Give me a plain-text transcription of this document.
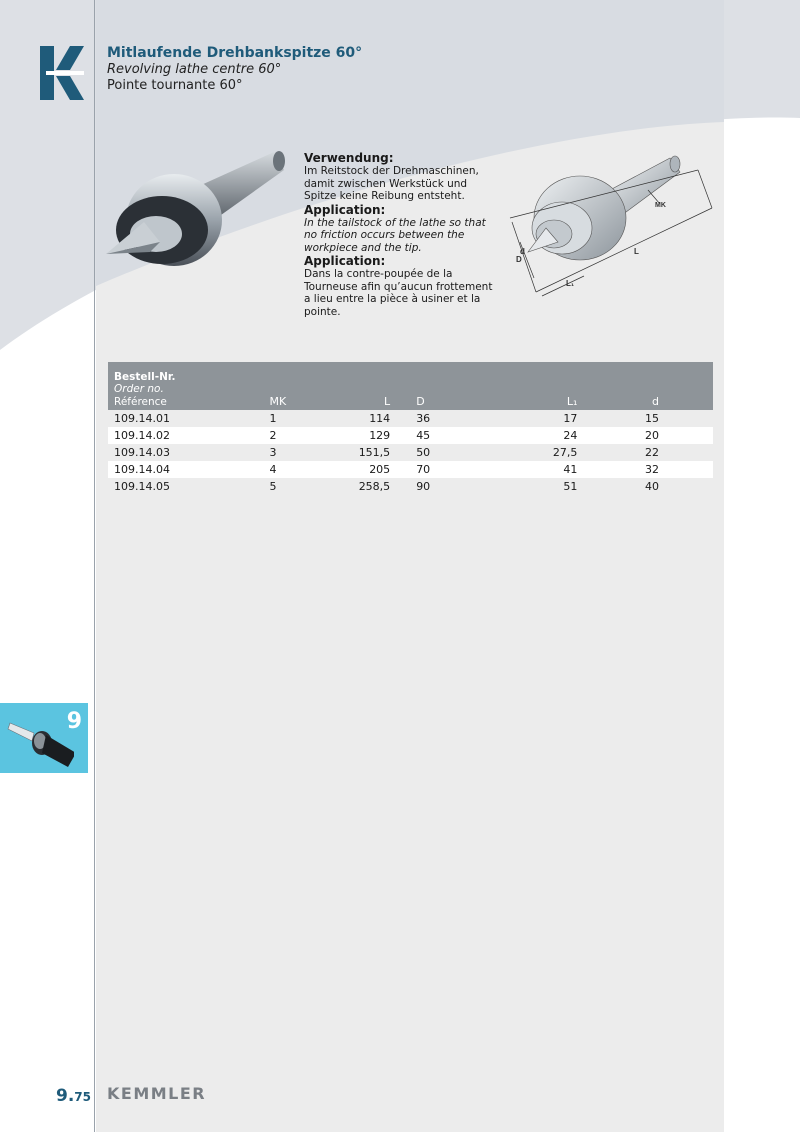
Mitlaufende Drehbankspitze 60°

Revolving lathe centre 60°

Pointe tournante 60°

Verwendung:

Im Reitstock der Drehmaschinen, damit zwischen Werkstück und Spitze keine Reibung entsteht.

Application:

In the tailstock of the lathe so that no friction occurs between the workpiece and the tip.

Application:

Dans la contre-poupée de la Tourneuse afin qu’aucun frottement a lieu entre la pièce à usiner et la pointe.

MK
L
D
d
L₁
Bestell-Nr.
Order no.
Référence	MK	L	D	L₁	d
109.14.01	1	114	36	17	15
109.14.02	2	129	45	24	20
109.14.03	3	151,5	50	27,5	22
109.14.04	4	205	70	41	32
109.14.05	5	258,5	90	51	40
9
9.75 KEMMLER
